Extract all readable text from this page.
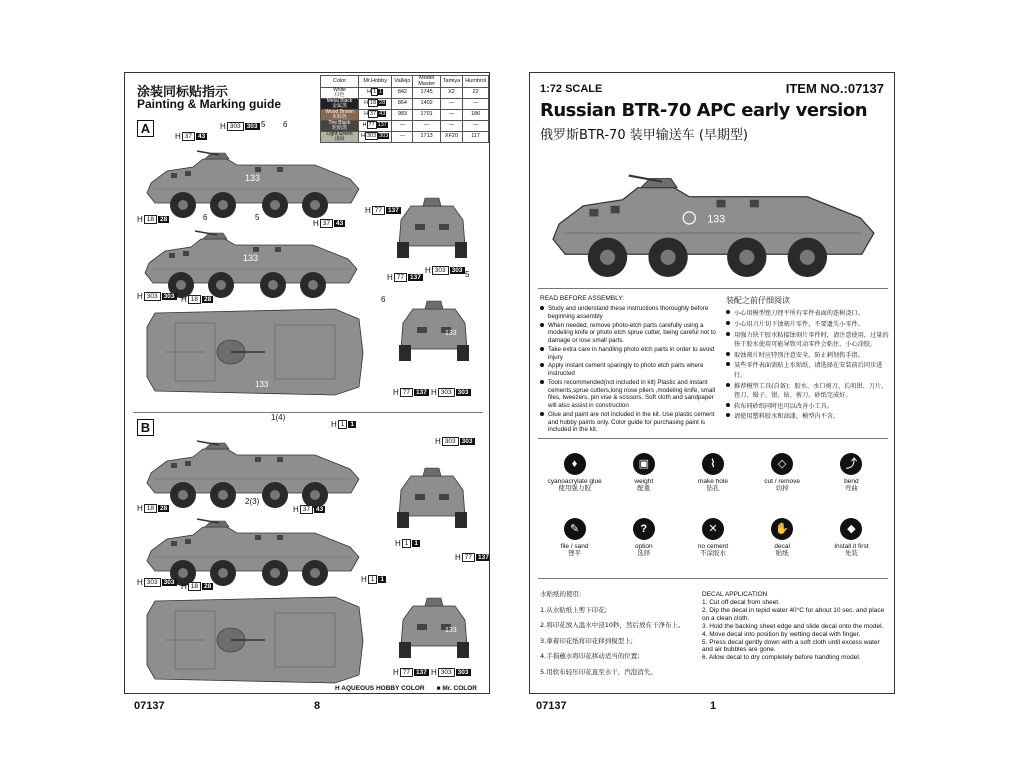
涂装同标贴指示
Painting & Marking guide
Color	Mr.Hobby	Vallejo	Model Master	Tamiya	Humbrol
White
白色	H 1 1	842	1745	X2	22
Metal Black
金属黑	H 18 28	864	1402	—	—
Wood Brown
木棕色	H 37 43	983	1701	—	186
Tire Black
轮胎黑	H 77 137	—	—	—	—
Light Green
浅绿	H 303 303	—	1713	XF20	117
A
B
133
133
133
133
133
5 6
6	5
5
6
1(4)
2(3)
H 303 303
H 37 43
H 18 28	H 37 43
H 77 137
H 77 137
H 303 303
H 303 303 H 18 28
H 77 137 H 303 303
H 1 1
H 303 303
H 18 28	H 37 43
H 1 1
H 77 137
H 1 1
H 303 303 H 18 28
H 77 137 H 303 303
H AQUEOUS HOBBY COLOR ■ Mr. COLOR
07137	8
1:72 SCALE	ITEM NO.:07137
Russian BTR-70 APC early version
俄罗斯BTR-70 装甲输送车 (早期型)
133
READ BEFORE ASSEMBLY:
Study and understand these instructions thoroughly before beginning assembly
When needed, remove photo-etch parts carefully using a modeling knife or photo etch sprue cutter, being careful not to damage or lose small parts.
Take extra care in handling photo etch parts in order to avoid injury
Apply instant cement sparingly to photo etch parts where instructed
Tools recommended(not included in kit) Plastic and instant cements,sprue cutters,long nose pliers ,modeling knife, small files, tweezers, pin vise & scissors. Soft cloth and sandpaper will also assist in construction
Glue and paint are not included in the kit. Use plastic cement and hobby paints only. Color guide for purchasing paint is included in the kit.
装配之前仔细阅读
小心用模型锉刀锉平所有零件表面的连树浇口。
小心用刀片切下蚀刻片零件，不要遗失小零件。
用强力快干胶水粘接蚀刻片零件时，请注意使用，过量的快干胶水使用可能导致可动零件会粘住，小心涂胶。
取蚀刻片时应特别注意安全，防止刺划伤手指。
某些零件表面需贴上水贴纸，请选择在安装前后同步进行。
推荐模型工具(自备)：胶水、水口剪刀、长咀钳、刀片、锉刀、镊子、钳、钻、剪刀。砂纸完成好。
软布同砂纸同时也可以改善小工具。
请使用塑料胶水和油漆，模型内不含。
♦
cyanoacrylate glue
使用强力胶
▣
weight
配重
⌇
make hole
钻孔
◇
cut / remove
切掉
⤴
bend
弯曲
✎
file / sand
锉平
?
option
选择
✕
no cement
不涂胶水
✋
decal
贴纸
◆
Install it first
先装
水贴纸的使用:
1.从水贴纸上剪下印花;
2.将印花放入温水中浸10秒，然后放在干净布上。
3.拿着印花纸将印花移到模型上;
4.手指蘸水将印花移动适当的位置;
5.用软布轻压印花直至水干，汽泡消失。
DECAL APPLICATION
1. Cut off decal from sheet.
2. Dip the decal in tepid water 40°C for about 10 sec. and place on a clean cloth.
3. Hold the backing sheet edge and slide decal onto the model.
4. Move decal into position by wetting decal with finger.
5. Press decal gently down with a soft cloth until excess water and air bubbles are gone.
6. Allow decal to dry completely before handling model.
07137	1
